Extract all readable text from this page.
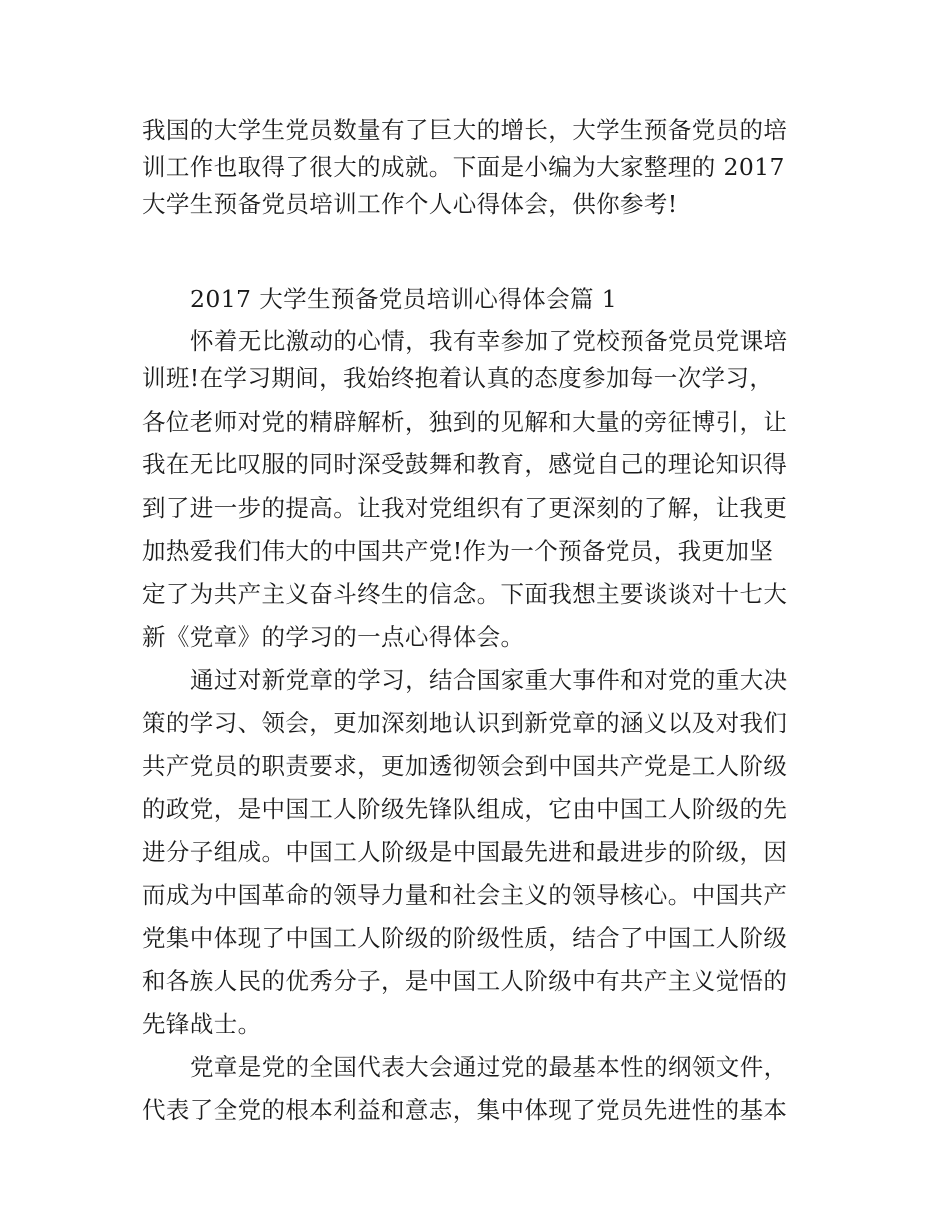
我国的大学生党员数量有了巨大的增长，大学生预备党员的培
训工作也取得了很大的成就。下面是小编为大家整理的 2017
大学生预备党员培训工作个人心得体会，供你参考!
2017 大学生预备党员培训心得体会篇 1
怀着无比激动的心情，我有幸参加了党校预备党员党课培
训班!在学习期间，我始终抱着认真的态度参加每一次学习，
各位老师对党的精辟解析，独到的见解和大量的旁征博引，让
我在无比叹服的同时深受鼓舞和教育，感觉自己的理论知识得
到了进一步的提高。让我对党组织有了更深刻的了解，让我更
加热爱我们伟大的中国共产党!作为一个预备党员，我更加坚
定了为共产主义奋斗终生的信念。下面我想主要谈谈对十七大
新《党章》的学习的一点心得体会。
通过对新党章的学习，结合国家重大事件和对党的重大决
策的学习、领会，更加深刻地认识到新党章的涵义以及对我们
共产党员的职责要求，更加透彻领会到中国共产党是工人阶级
的政党，是中国工人阶级先锋队组成，它由中国工人阶级的先
进分子组成。中国工人阶级是中国最先进和最进步的阶级，因
而成为中国革命的领导力量和社会主义的领导核心。中国共产
党集中体现了中国工人阶级的阶级性质，结合了中国工人阶级
和各族人民的优秀分子，是中国工人阶级中有共产主义觉悟的
先锋战士。
党章是党的全国代表大会通过党的最基本性的纲领文件，
代表了全党的根本利益和意志，集中体现了党员先进性的基本
